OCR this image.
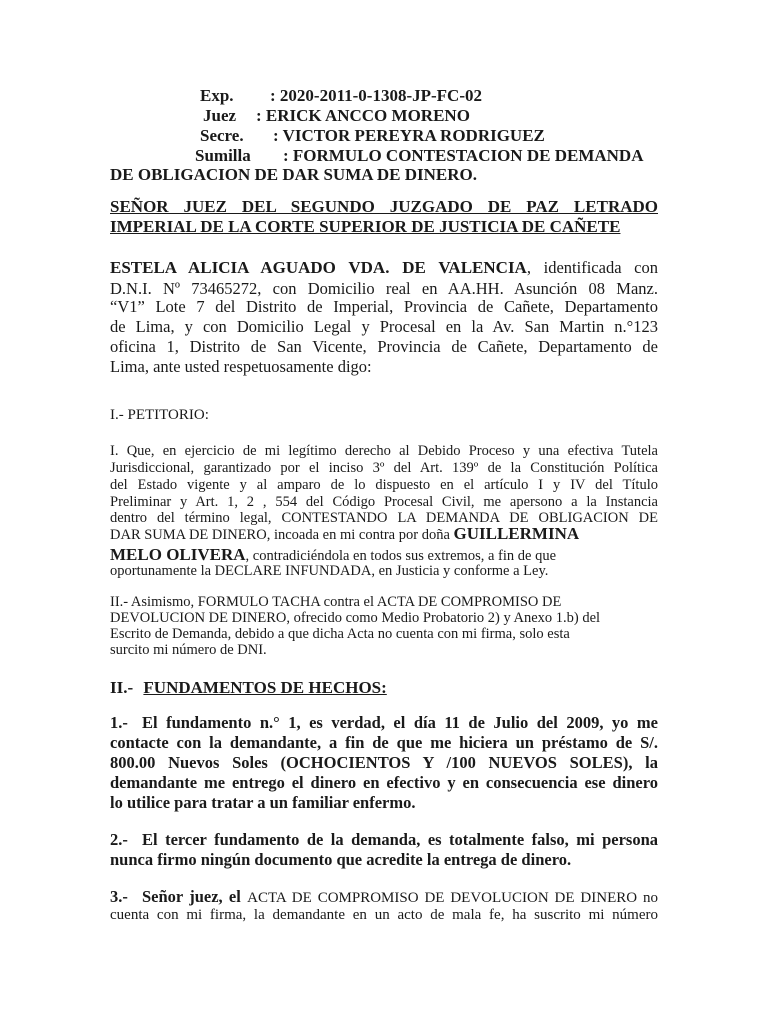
Exp. : 2020-2011-0-1308-JP-FC-02
Juez : ERICK ANCCO MORENO
Secre. : VICTOR PEREYRA RODRIGUEZ
Sumilla : FORMULO CONTESTACION DE DEMANDA
DE OBLIGACION DE DAR SUMA DE DINERO.
SEÑOR JUEZ DEL SEGUNDO JUZGADO DE PAZ LETRADO
IMPERIAL DE LA CORTE SUPERIOR DE JUSTICIA DE CAÑETE
ESTELA ALICIA AGUADO VDA. DE VALENCIA, identificada con
D.N.I. Nº 73465272, con Domicilio real en AA.HH. Asunción 08 Manz.
“V1” Lote 7 del Distrito de Imperial, Provincia de Cañete, Departamento
de Lima, y con Domicilio Legal y Procesal en la Av. San Martin n.°123
oficina 1, Distrito de San Vicente, Provincia de Cañete, Departamento de
Lima, ante usted respetuosamente digo:
I.- PETITORIO:
I. Que, en ejercicio de mi legítimo derecho al Debido Proceso y una efectiva Tutela
Jurisdiccional, garantizado por el inciso 3º del Art. 139º de la Constitución Política
del Estado vigente y al amparo de lo dispuesto en el artículo I y IV del Título
Preliminar y Art. 1, 2 , 554 del Código Procesal Civil, me apersono a la Instancia
dentro del término legal, CONTESTANDO LA DEMANDA DE OBLIGACION DE
DAR SUMA DE DINERO, incoada en mi contra por doña GUILLERMINA
MELO OLIVERA, contradiciéndola en todos sus extremos, a fin de que
oportunamente la DECLARE INFUNDADA, en Justicia y conforme a Ley.
II.- Asimismo, FORMULO TACHA contra el ACTA DE COMPROMISO DE
DEVOLUCION DE DINERO, ofrecido como Medio Probatorio 2) y Anexo 1.b) del
Escrito de Demanda, debido a que dicha Acta no cuenta con mi firma, solo esta
surcito mi número de DNI.
II.- FUNDAMENTOS DE HECHOS:
1.- El fundamento n.° 1, es verdad, el día 11 de Julio del 2009, yo me
contacte con la demandante, a fin de que me hiciera un préstamo de S/.
800.00 Nuevos Soles (OCHOCIENTOS Y /100 NUEVOS SOLES), la
demandante me entrego el dinero en efectivo y en consecuencia ese dinero
lo utilice para tratar a un familiar enfermo.
2.- El tercer fundamento de la demanda, es totalmente falso, mi persona
nunca firmo ningún documento que acredite la entrega de dinero.
3.- Señor juez, el ACTA DE COMPROMISO DE DEVOLUCION DE DINERO no
cuenta con mi firma, la demandante en un acto de mala fe, ha suscrito mi número
